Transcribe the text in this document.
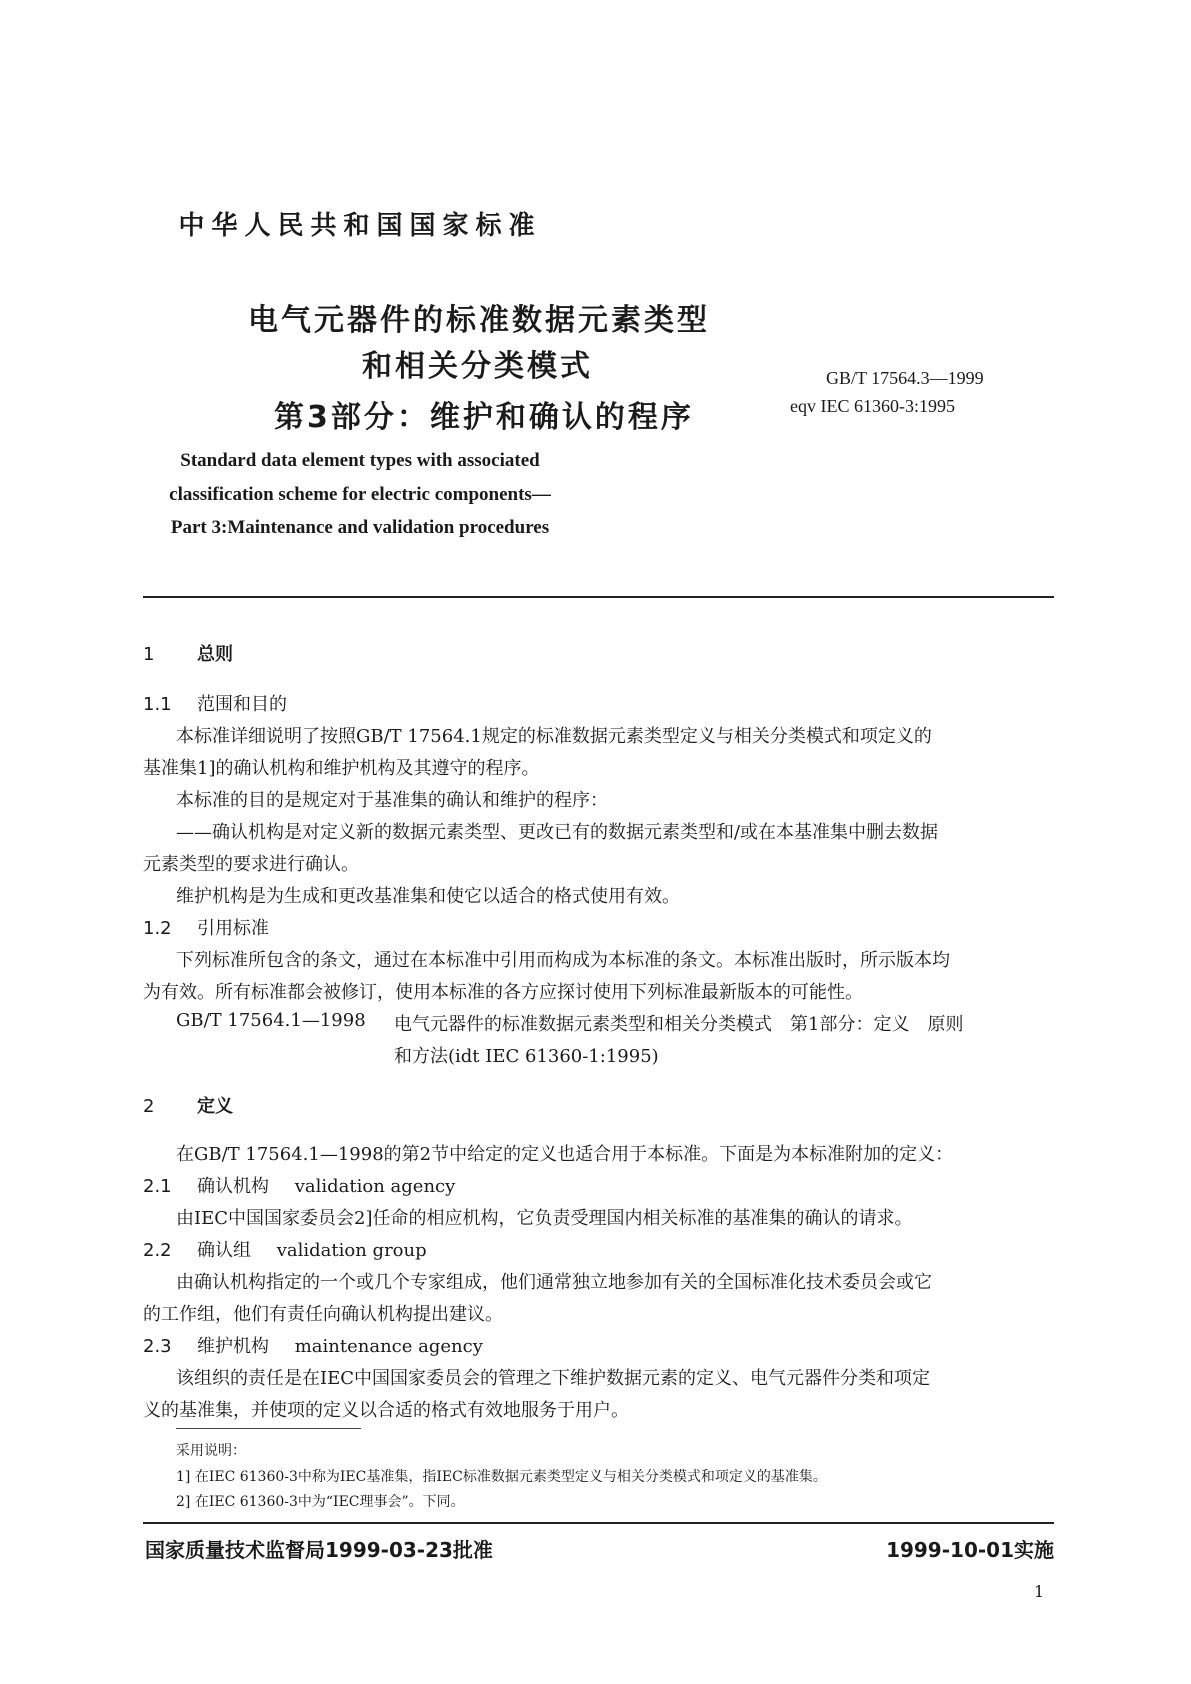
中华人民共和国国家标准
电气元器件的标准数据元素类型
和相关分类模式
第3部分：维护和确认的程序
GB/T 17564.3—1999
eqv IEC 61360-3:1995
Standard data element types with associated
classification scheme for electric components—
Part 3:Maintenance and validation procedures
1 总则
1.1 范围和目的
本标准详细说明了按照GB/T 17564.1规定的标准数据元素类型定义与相关分类模式和项定义的
基准集1]的确认机构和维护机构及其遵守的程序。
本标准的目的是规定对于基准集的确认和维护的程序：
——确认机构是对定义新的数据元素类型、更改已有的数据元素类型和/或在本基准集中删去数据
元素类型的要求进行确认。
维护机构是为生成和更改基准集和使它以适合的格式使用有效。
1.2 引用标准
下列标准所包含的条文，通过在本标准中引用而构成为本标准的条文。本标准出版时，所示版本均
为有效。所有标准都会被修订，使用本标准的各方应探讨使用下列标准最新版本的可能性。
GB/T 17564.1—1998 电气元器件的标准数据元素类型和相关分类模式　第1部分：定义　原则
和方法(idt IEC 61360-1:1995)
2 定义
在GB/T 17564.1—1998的第2节中给定的定义也适合用于本标准。下面是为本标准附加的定义：
2.1 确认机构 validation agency
由IEC中国国家委员会2]任命的相应机构，它负责受理国内相关标准的基准集的确认的请求。
2.2 确认组 validation group
由确认机构指定的一个或几个专家组成，他们通常独立地参加有关的全国标准化技术委员会或它
的工作组，他们有责任向确认机构提出建议。
2.3 维护机构 maintenance agency
该组织的责任是在IEC中国国家委员会的管理之下维护数据元素的定义、电气元器件分类和项定
义的基准集，并使项的定义以合适的格式有效地服务于用户。
采用说明：
1] 在IEC 61360-3中称为IEC基准集，指IEC标准数据元素类型定义与相关分类模式和项定义的基准集。
2] 在IEC 61360-3中为“IEC理事会”。下同。
国家质量技术监督局1999-03-23批准	1999-10-01实施
1
